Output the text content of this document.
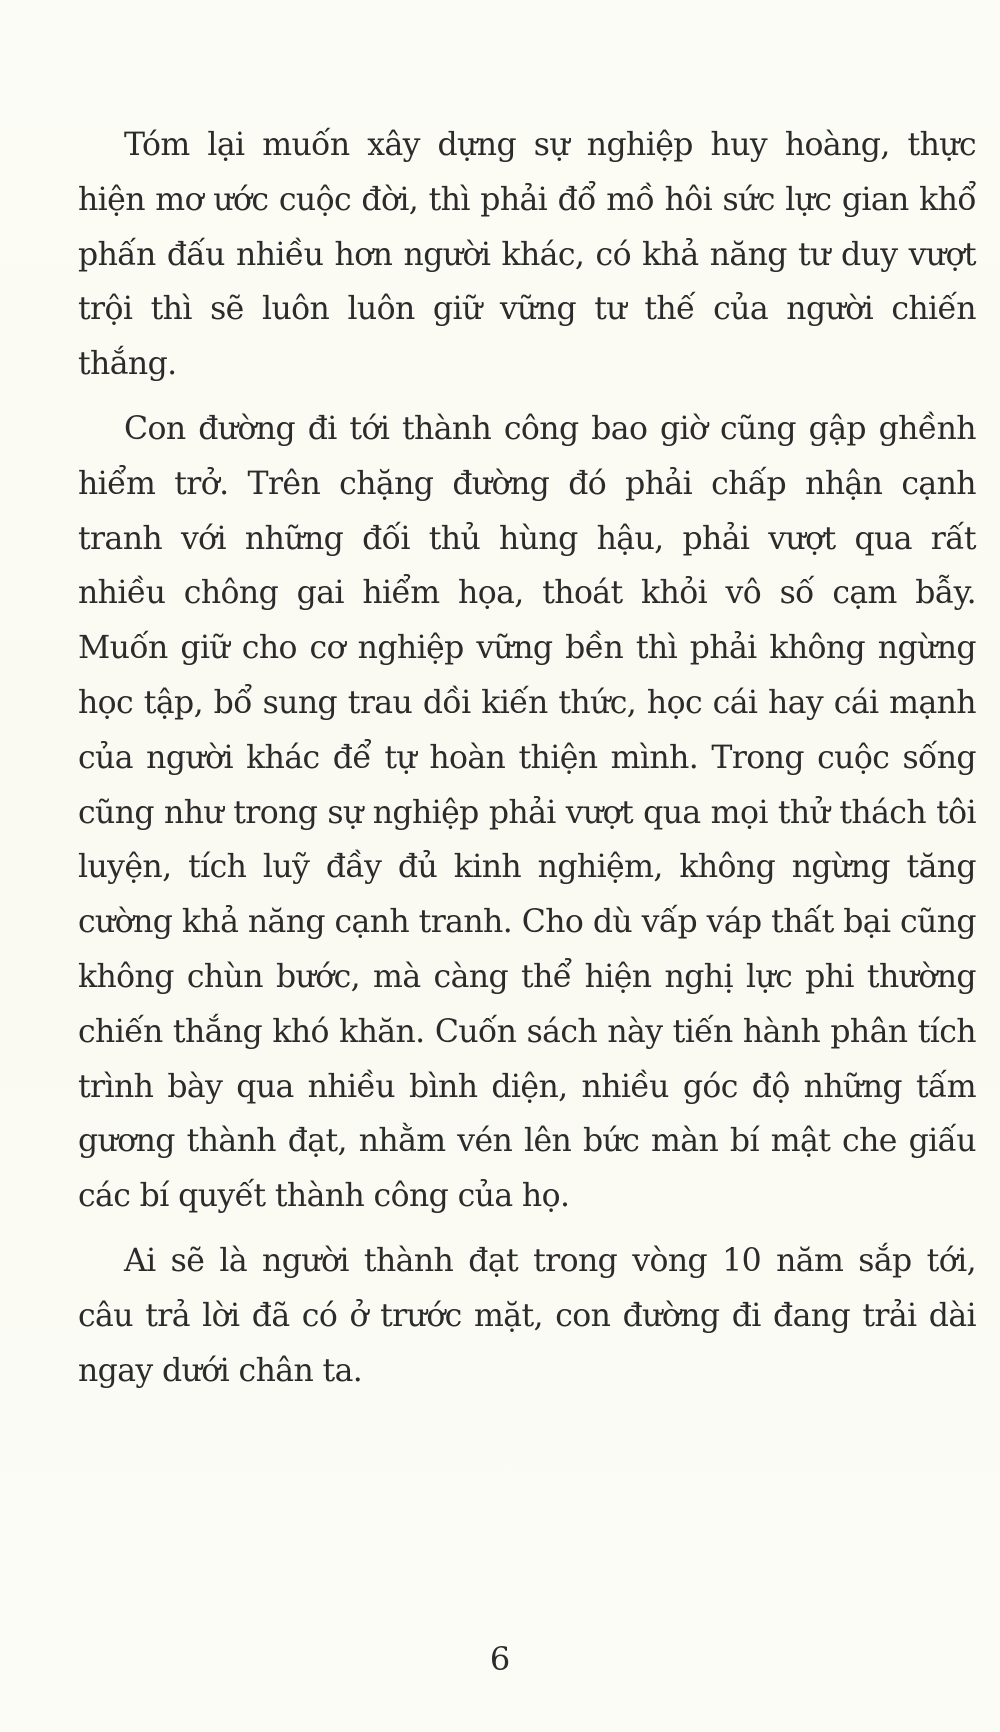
Tóm lại muốn xây dựng sự nghiệp huy hoàng, thực hiện mơ ước cuộc đời, thì phải đổ mồ hôi sức lực gian khổ phấn đấu nhiều hơn người khác, có khả năng tư duy vượt trội thì sẽ luôn luôn giữ vững tư thế của người chiến thắng.

Con đường đi tới thành công bao giờ cũng gập ghềnh hiểm trở. Trên chặng đường đó phải chấp nhận cạnh tranh với những đối thủ hùng hậu, phải vượt qua rất nhiều chông gai hiểm họa, thoát khỏi vô số cạm bẫy. Muốn giữ cho cơ nghiệp vững bền thì phải không ngừng học tập, bổ sung trau dồi kiến thức, học cái hay cái mạnh của người khác để tự hoàn thiện mình. Trong cuộc sống cũng như trong sự nghiệp phải vượt qua mọi thử thách tôi luyện, tích luỹ đầy đủ kinh nghiệm, không ngừng tăng cường khả năng cạnh tranh. Cho dù vấp váp thất bại cũng không chùn bước, mà càng thể hiện nghị lực phi thường chiến thắng khó khăn. Cuốn sách này tiến hành phân tích trình bày qua nhiều bình diện, nhiều góc độ những tấm gương thành đạt, nhằm vén lên bức màn bí mật che giấu các bí quyết thành công của họ.

Ai sẽ là người thành đạt trong vòng 10 năm sắp tới, câu trả lời đã có ở trước mặt, con đường đi đang trải dài ngay dưới chân ta.

6
